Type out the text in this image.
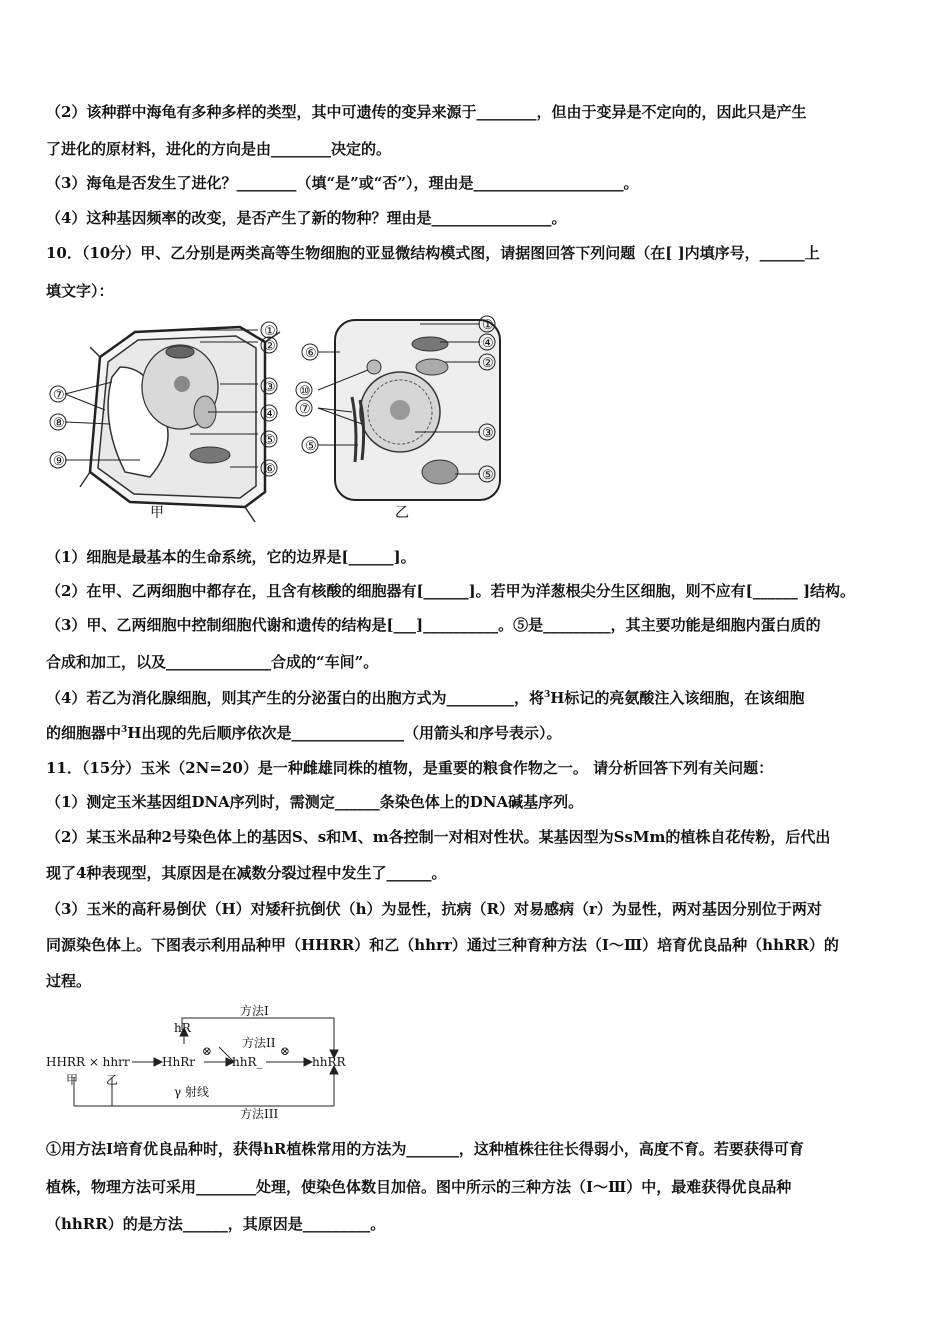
（2）该种群中海龟有多种多样的类型，其中可遗传的变异来源于________，但由于变异是不定向的，因此只是产生
了进化的原材料，进化的方向是由________决定的。
（3）海龟是否发生了进化？________（填“是”或“否”），理由是____________________。
（4）这种基因频率的改变，是否产生了新的物种？理由是________________。
10．（10分）甲、乙分别是两类高等生物细胞的亚显微结构模式图，请据图回答下列问题（在[ ]内填序号，______上
填文字）：
①
②
③
④
⑤
⑥
⑦
⑧
⑨
甲
①
④
②
⑥
⑩
⑦
③
⑤
⑤
乙
（1）细胞是最基本的生命系统，它的边界是[______]。
（2）在甲、乙两细胞中都存在，且含有核酸的细胞器有[______]。若甲为洋葱根尖分生区细胞，则不应有[______ ]结构。
（3）甲、乙两细胞中控制细胞代谢和遗传的结构是[___]__________。⑤是_________，其主要功能是细胞内蛋白质的
合成和加工，以及______________合成的“车间”。
（4）若乙为消化腺细胞，则其产生的分泌蛋白的出胞方式为_________，将$^3$H标记的亮氨酸注入该细胞，在该细胞
的细胞器中$^3$H出现的先后顺序依次是_______________（用箭头和序号表示）。
11．（15分）玉米（2N=20）是一种雌雄同株的植物，是重要的粮食作物之一。 请分析回答下列有关问题：
（1）测定玉米基因组DNA序列时，需测定______条染色体上的DNA碱基序列。
（2）某玉米品种2号染色体上的基因S、s和M、m各控制一对相对性状。某基因型为SsMm的植株自花传粉，后代出
现了4种表现型，其原因是在减数分裂过程中发生了______。
（3）玉米的高秆易倒伏（H）对矮秆抗倒伏（h）为显性，抗病（R）对易感病（r）为显性，两对基因分别位于两对
同源染色体上。下图表示利用品种甲（HHRR）和乙（hhrr）通过三种育种方法（Ⅰ～Ⅲ）培育优良品种（hhRR）的
过程。
方法I
hR
方法II
HHRR × hhrr	HhRr
⊗
hhR_
⊗
hhRR
甲 乙
γ 射线
方法III
①用方法Ⅰ培育优良品种时，获得hR植株常用的方法为_______，这种植株往往长得弱小，高度不育。若要获得可育
植株，物理方法可采用________处理，使染色体数目加倍。图中所示的三种方法（Ⅰ～Ⅲ）中，最难获得优良品种
（hhRR）的是方法______，其原因是_________。
